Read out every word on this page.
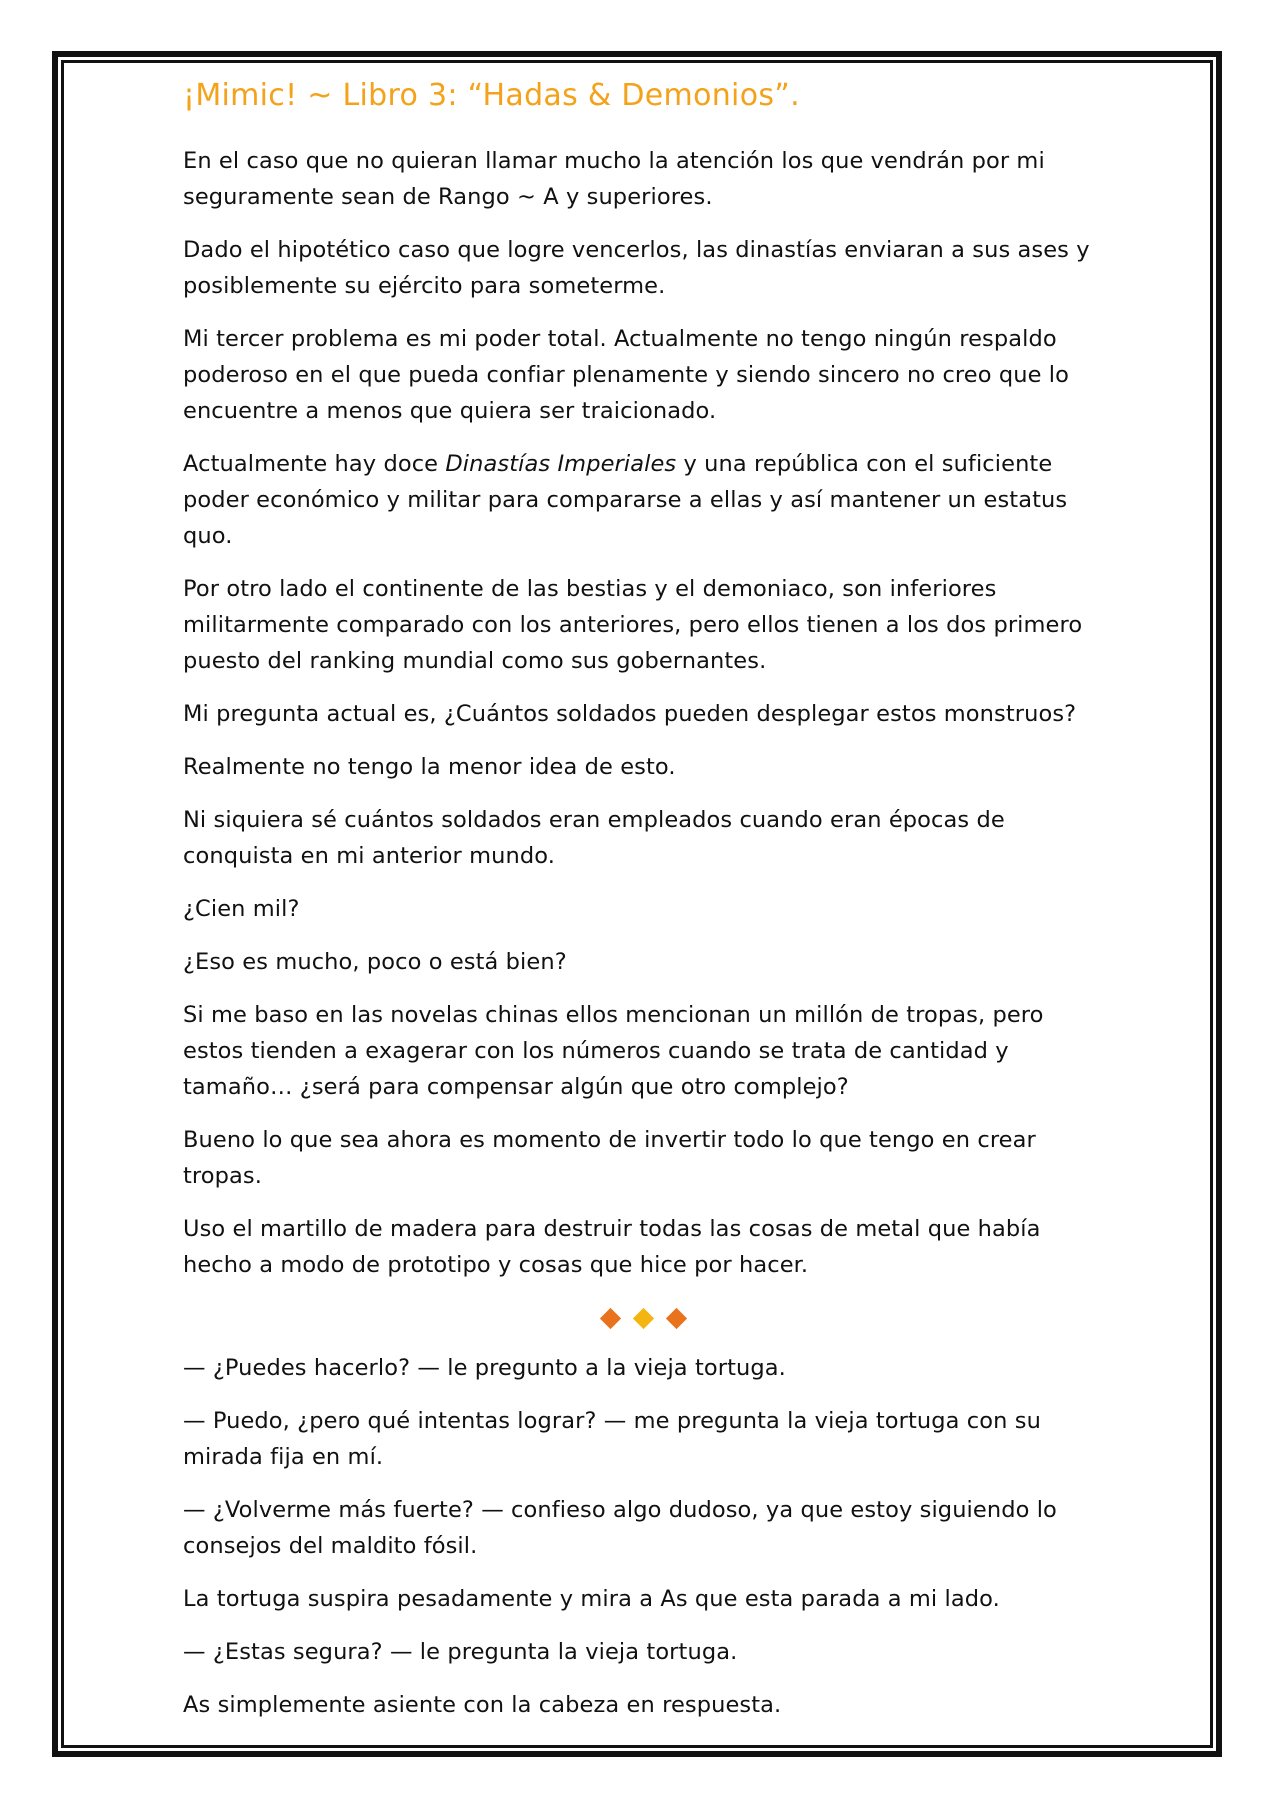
¡Mimic! ~ Libro 3: “Hadas & Demonios”.

En el caso que no quieran llamar mucho la atención los que vendrán por mi seguramente sean de Rango ~ A y superiores.

Dado el hipotético caso que logre vencerlos, las dinastías enviaran a sus ases y posiblemente su ejército para someterme.

Mi tercer problema es mi poder total. Actualmente no tengo ningún respaldo poderoso en el que pueda confiar plenamente y siendo sincero no creo que lo encuentre a menos que quiera ser traicionado.

Actualmente hay doce Dinastías Imperiales y una república con el suficiente poder económico y militar para compararse a ellas y así mantener un estatus quo.

Por otro lado el continente de las bestias y el demoniaco, son inferiores militarmente comparado con los anteriores, pero ellos tienen a los dos primero puesto del ranking mundial como sus gobernantes.

Mi pregunta actual es, ¿Cuántos soldados pueden desplegar estos monstruos?

Realmente no tengo la menor idea de esto.

Ni siquiera sé cuántos soldados eran empleados cuando eran épocas de conquista en mi anterior mundo.

¿Cien mil?

¿Eso es mucho, poco o está bien?

Si me baso en las novelas chinas ellos mencionan un millón de tropas, pero estos tienden a exagerar con los números cuando se trata de cantidad y tamaño… ¿será para compensar algún que otro complejo?

Bueno lo que sea ahora es momento de invertir todo lo que tengo en crear tropas.

Uso el martillo de madera para destruir todas las cosas de metal que había hecho a modo de prototipo y cosas que hice por hacer.

— ¿Puedes hacerlo? — le pregunto a la vieja tortuga.

— Puedo, ¿pero qué intentas lograr? — me pregunta la vieja tortuga con su mirada fija en mí.

— ¿Volverme más fuerte? — confieso algo dudoso, ya que estoy siguiendo lo consejos del maldito fósil.

La tortuga suspira pesadamente y mira a As que esta parada a mi lado.

— ¿Estas segura? — le pregunta la vieja tortuga.

As simplemente asiente con la cabeza en respuesta.
